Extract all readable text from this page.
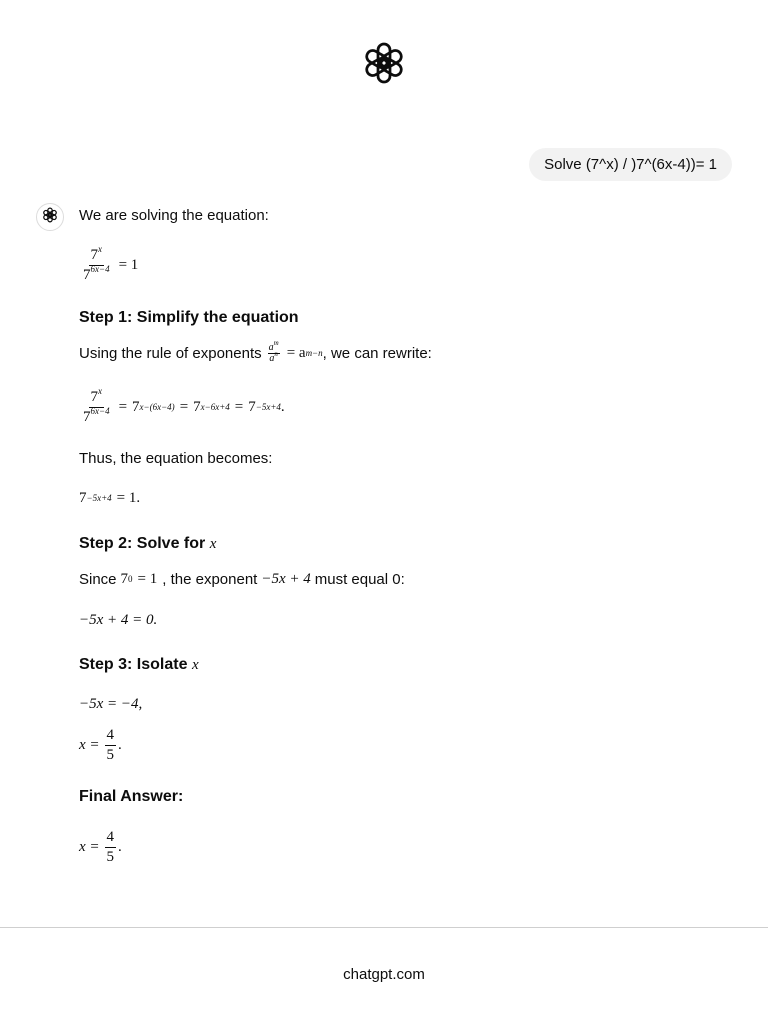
Solve (7^x) / )7^(6x-4))= 1
We are solving the equation:
$\frac{7^x}{7^{6x-4}} = 1$
Step 1: Simplify the equation
Using the rule of exponents $\frac{a^m}{a^n} = a$ $^{m-n}$ , we can rewrite:
$\frac{7^x}{7^{6x-4}} = 7$ $^{x-(6x-4)}$ = 7 $^{x-6x+4}$ = 7 $^{-5x+4}$ .
Thus, the equation becomes:
7 $^{-5x+4}$ = 1.
Step 2: Solve for x
Since $7^0 = 1$ , the exponent −5x + 4 must equal 0:
−5x + 4 = 0.
Step 3: Isolate x
−5x = −4,
$x = \frac{4}{5}$ .
Final Answer:
$x = \frac{4}{5}$ .
chatgpt.com
